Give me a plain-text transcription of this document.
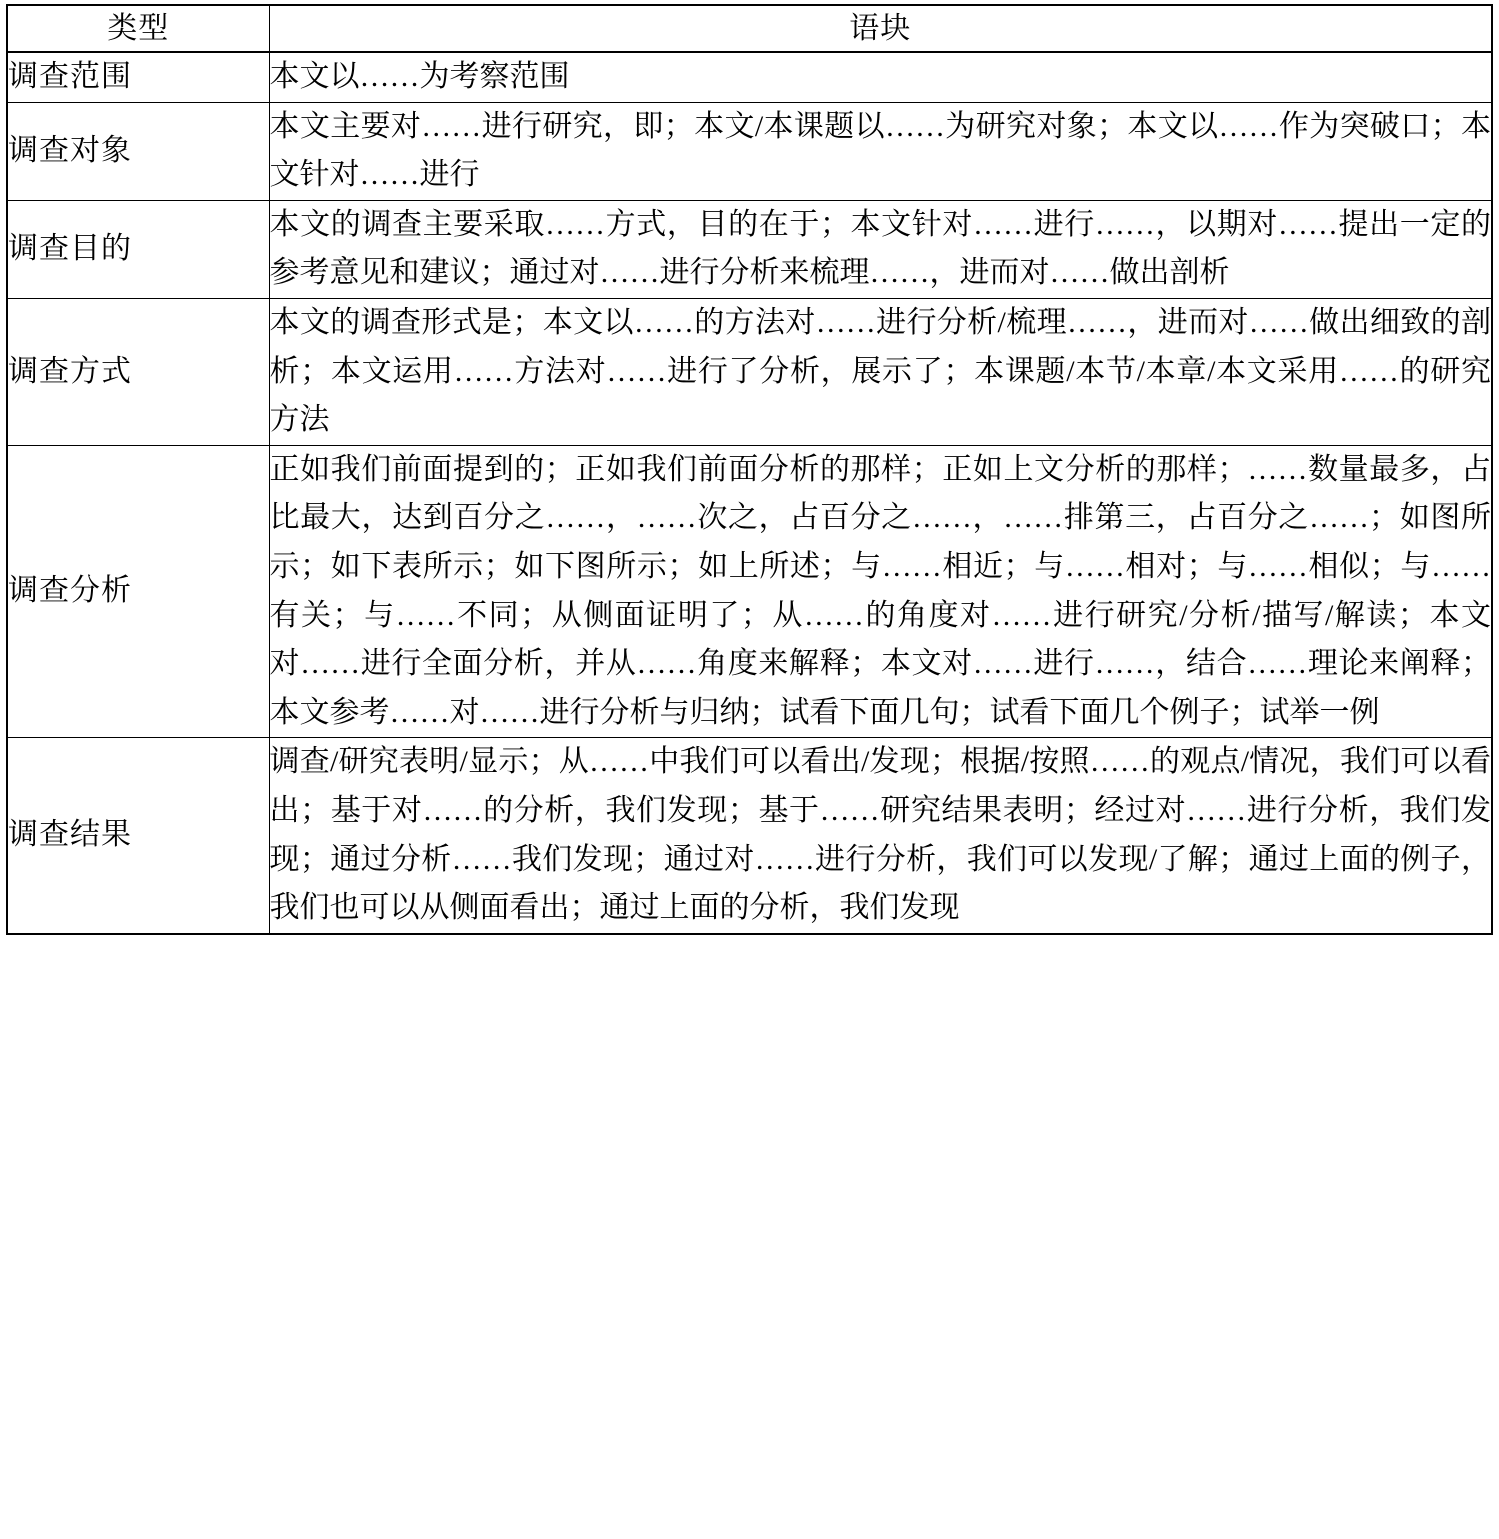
类型	语块
调查范围	本文以……为考察范围
调查对象	本文主要对……进行研究，即；本文/本课题以……为研究对象；本文以……作为突破口；本文针对……进行
调查目的	本文的调查主要采取……方式，目的在于；本文针对……进行……，以期对……提出一定的参考意见和建议；通过对……进行分析来梳理……，进而对……做出剖析
调查方式	本文的调查形式是；本文以……的方法对……进行分析/梳理……，进而对……做出细致的剖析；本文运用……方法对……进行了分析，展示了；本课题/本节/本章/本文采用……的研究方法
调查分析	正如我们前面提到的；正如我们前面分析的那样；正如上文分析的那样；……数量最多，占比最大，达到百分之……，……次之，占百分之……，……排第三，占百分之……；如图所示；如下表所示；如下图所示；如上所述；与……相近；与……相对；与……相似；与……有关；与……不同；从侧面证明了；从……的角度对……进行研究/分析/描写/解读；本文对……进行全面分析，并从……角度来解释；本文对……进行……，结合……理论来阐释；本文参考……对……进行分析与归纳；试看下面几句；试看下面几个例子；试举一例
调查结果	调查/研究表明/显示；从……中我们可以看出/发现；根据/按照……的观点/情况，我们可以看出；基于对……的分析，我们发现；基于……研究结果表明；经过对……进行分析，我们发现；通过分析……我们发现；通过对……进行分析，我们可以发现/了解；通过上面的例子，我们也可以从侧面看出；通过上面的分析，我们发现
